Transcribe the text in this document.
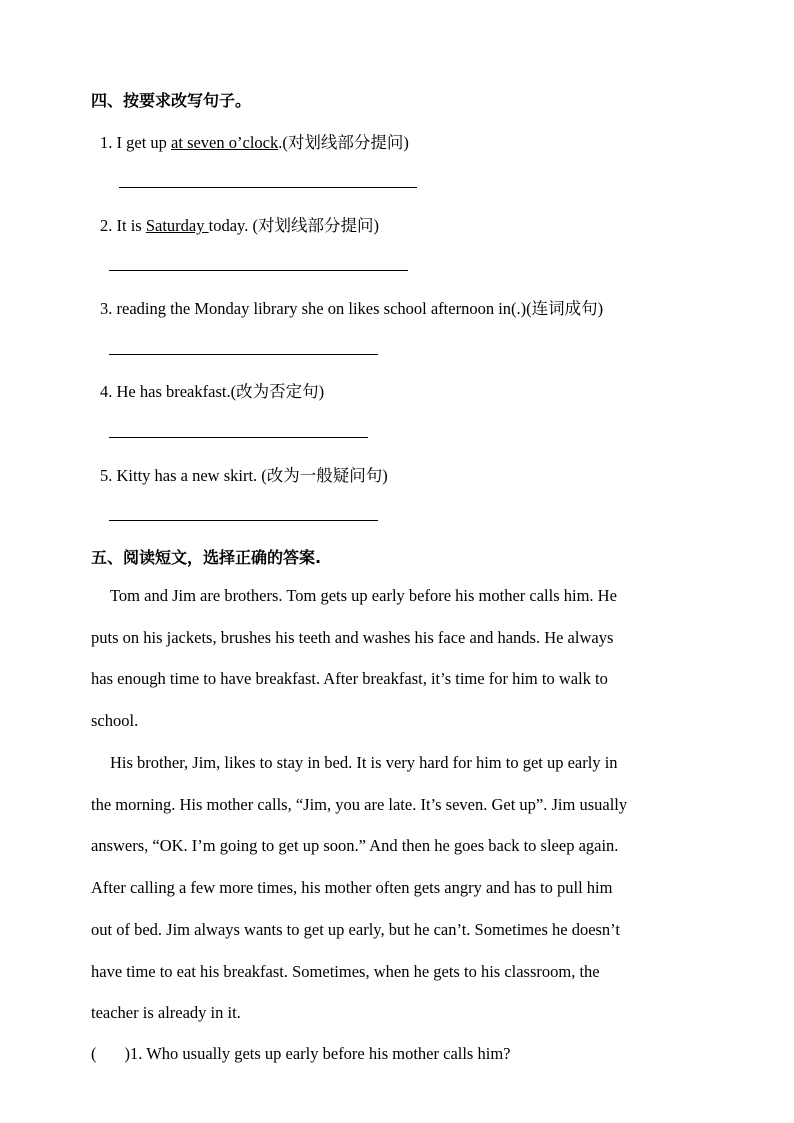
四、按要求改写句子。
1. I get up at seven o’clock.(对划线部分提问)
2. It is Saturday today. (对划线部分提问)
3. reading the Monday library she on likes school afternoon in(.)(连词成句)
4. He has breakfast.(改为否定句)
5. Kitty has a new skirt. (改为一般疑问句)
五、阅读短文，选择正确的答案.
Tom and Jim are brothers. Tom gets up early before his mother calls him. He
puts on his jackets, brushes his teeth and washes his face and hands. He always
has enough time to have breakfast. After breakfast, it’s time for him to walk to
school.
His brother, Jim, likes to stay in bed. It is very hard for him to get up early in
the morning. His mother calls, “Jim, you are late. It’s seven. Get up”. Jim usually
answers, “OK. I’m going to get up soon.” And then he goes back to sleep again.
After calling a few more times, his mother often gets angry and has to pull him
out of bed. Jim always wants to get up early, but he can’t. Sometimes he doesn’t
have time to eat his breakfast. Sometimes, when he gets to his classroom, the
teacher is already in it.
( )1. Who usually gets up early before his mother calls him?
